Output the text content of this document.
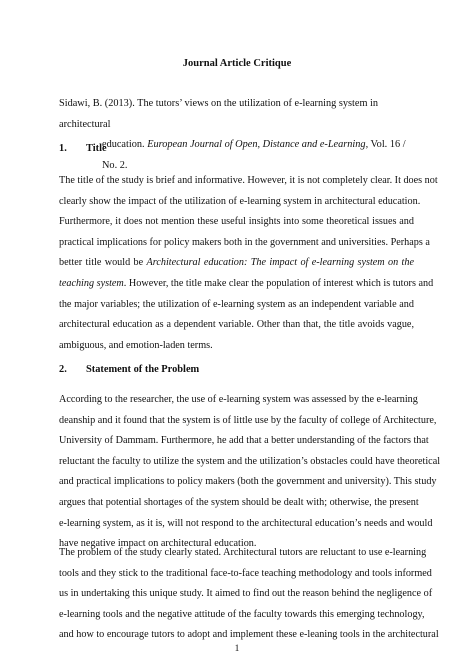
Journal Article Critique
Sidawi, B. (2013). The tutors’ views on the utilization of e-learning system in architectural
education. European Journal of Open, Distance and e-Learning, Vol. 16 / No. 2.
1. Title
The title of the study is brief and informative. However, it is not completely clear. It does not
clearly show the impact of the utilization of e-learning system in architectural education.
Furthermore, it does not mention these useful insights into some theoretical issues and
practical implications for policy makers both in the government and universities. Perhaps a
better title would be Architectural education: The impact of e-learning system on the
teaching system. However, the title make clear the population of interest which is tutors and
the major variables; the utilization of e-learning system as an independent variable and
architectural education as a dependent variable. Other than that, the title avoids vague,
ambiguous, and emotion-laden terms.
2. Statement of the Problem
According to the researcher, the use of e-learning system was assessed by the e-learning
deanship and it found that the system is of little use by the faculty of college of Architecture,
University of Dammam. Furthermore, he add that a better understanding of the factors that
reluctant the faculty to utilize the system and the utilization’s obstacles could have theoretical
and practical implications to policy makers (both the government and university). This study
argues that potential shortages of the system should be dealt with; otherwise, the present
e-learning system, as it is, will not respond to the architectural education’s needs and would
have negative impact on architectural education.
The problem of the study clearly stated. Architectural tutors are reluctant to use e-learning
tools and they stick to the traditional face-to-face teaching methodology and tools informed
us in undertaking this unique study. It aimed to find out the reason behind the negligence of
e-learning tools and the negative attitude of the faculty towards this emerging technology,
and how to encourage tutors to adopt and implement these e-leaning tools in the architectural
1
